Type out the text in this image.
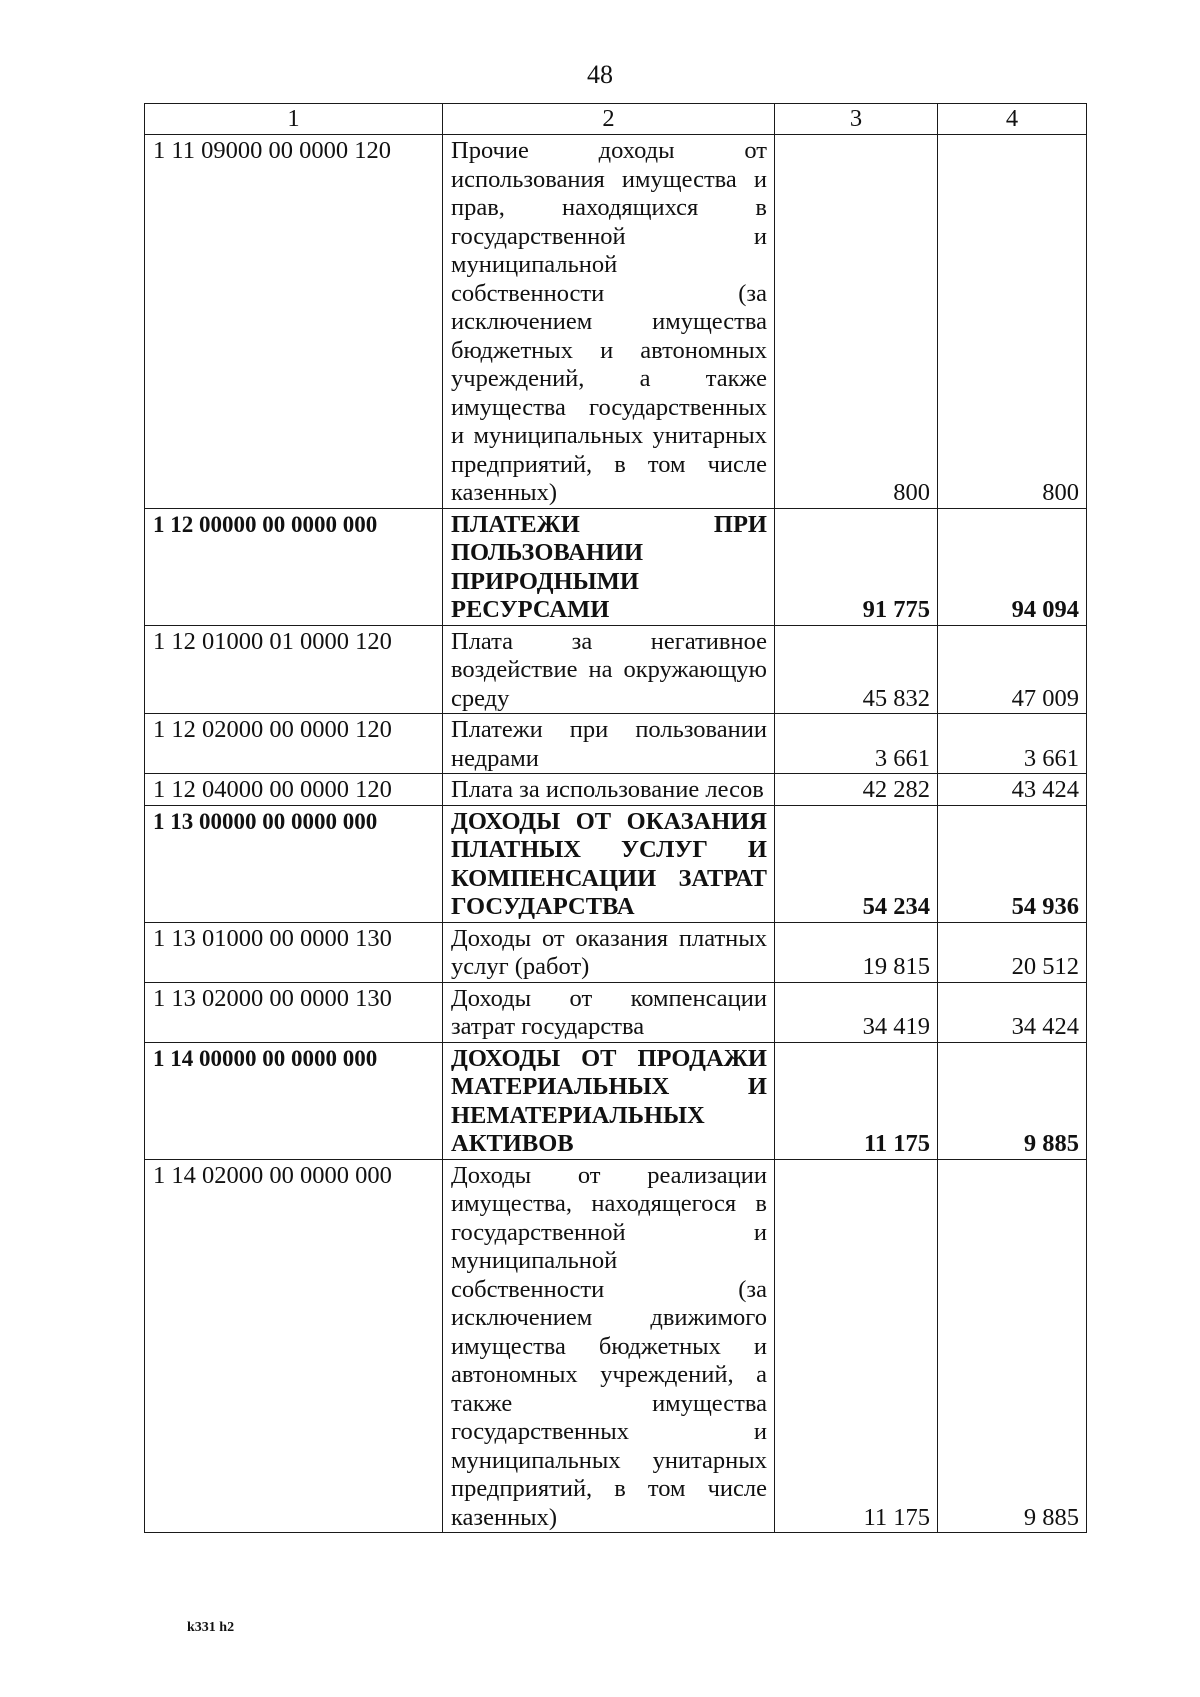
48
1	2	3	4
1 11 09000 00 0000 120	Прочие доходы от использования имущества и прав, находящихся в государственной и муниципальной собственности (за исключением имущества бюджетных и автономных учреждений, а также имущества государственных и муниципальных унитарных предприятий, в том числе казенных)	800	800
1 12 00000 00 0000 000	ПЛАТЕЖИ ПРИ ПОЛЬЗОВАНИИ ПРИРОДНЫМИ РЕСУРСАМИ	91 775	94 094
1 12 01000 01 0000 120	Плата за негативное воздействие на окружающую среду	45 832	47 009
1 12 02000 00 0000 120	Платежи при пользовании недрами	3 661	3 661
1 12 04000 00 0000 120	Плата за использование лесов	42 282	43 424
1 13 00000 00 0000 000	ДОХОДЫ ОТ ОКАЗАНИЯ ПЛАТНЫХ УСЛУГ И КОМПЕНСАЦИИ ЗАТРАТ ГОСУДАРСТВА	54 234	54 936
1 13 01000 00 0000 130	Доходы от оказания платных услуг (работ)	19 815	20 512
1 13 02000 00 0000 130	Доходы от компенсации затрат государства	34 419	34 424
1 14 00000 00 0000 000	ДОХОДЫ ОТ ПРОДАЖИ МАТЕРИАЛЬНЫХ И НЕМАТЕРИАЛЬНЫХ АКТИВОВ	11 175	9 885
1 14 02000 00 0000 000	Доходы от реализации имущества, находящегося в государственной и муниципальной собственности (за исключением движимого имущества бюджетных и автономных учреждений, а также имущества государственных и муниципальных унитарных предприятий, в том числе казенных)	11 175	9 885
k331 h2
